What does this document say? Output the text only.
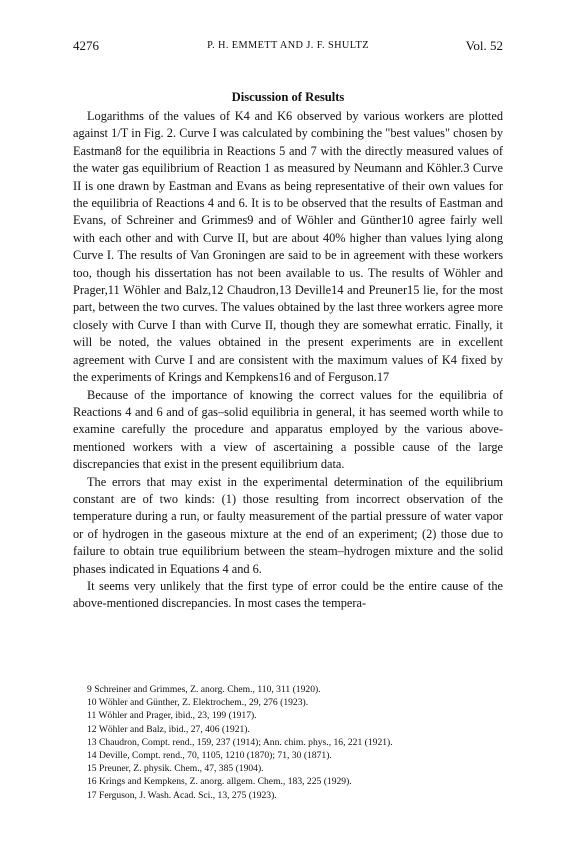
4276	P. H. EMMETT AND J. F. SHULTZ	Vol. 52
Discussion of Results

Logarithms of the values of K4 and K6 observed by various workers are plotted against 1/T in Fig. 2. Curve I was calculated by combining the "best values" chosen by Eastman8 for the equilibria in Reactions 5 and 7 with the directly measured values of the water gas equilibrium of Reaction 1 as measured by Neumann and Köhler.3 Curve II is one drawn by Eastman and Evans as being representative of their own values for the equilibria of Reactions 4 and 6. It is to be observed that the results of Eastman and Evans, of Schreiner and Grimmes9 and of Wöhler and Günther10 agree fairly well with each other and with Curve II, but are about 40% higher than values lying along Curve I. The results of Van Groningen are said to be in agreement with these workers too, though his dissertation has not been available to us. The results of Wöhler and Prager,11 Wöhler and Balz,12 Chaudron,13 Deville14 and Preuner15 lie, for the most part, between the two curves. The values obtained by the last three workers agree more closely with Curve I than with Curve II, though they are somewhat erratic. Finally, it will be noted, the values obtained in the present experiments are in excellent agreement with Curve I and are consistent with the maximum values of K4 fixed by the experiments of Krings and Kempkens16 and of Ferguson.17

Because of the importance of knowing the correct values for the equilibria of Reactions 4 and 6 and of gas–solid equilibria in general, it has seemed worth while to examine carefully the procedure and apparatus employed by the various above-mentioned workers with a view of ascertaining a possible cause of the large discrepancies that exist in the present equilibrium data.

The errors that may exist in the experimental determination of the equilibrium constant are of two kinds: (1) those resulting from incorrect observation of the temperature during a run, or faulty measurement of the partial pressure of water vapor or of hydrogen in the gaseous mixture at the end of an experiment; (2) those due to failure to obtain true equilibrium between the steam–hydrogen mixture and the solid phases indicated in Equations 4 and 6.

It seems very unlikely that the first type of error could be the entire cause of the above-mentioned discrepancies. In most cases the tempera-

9 Schreiner and Grimmes, Z. anorg. Chem., 110, 311 (1920).
10 Wöhler and Günther, Z. Elektrochem., 29, 276 (1923).
11 Wöhler and Prager, ibid., 23, 199 (1917).
12 Wöhler and Balz, ibid., 27, 406 (1921).
13 Chaudron, Compt. rend., 159, 237 (1914); Ann. chim. phys., 16, 221 (1921).
14 Deville, Compt. rend., 70, 1105, 1210 (1870); 71, 30 (1871).
15 Preuner, Z. physik. Chem., 47, 385 (1904).
16 Krings and Kempkens, Z. anorg. allgem. Chem., 183, 225 (1929).
17 Ferguson, J. Wash. Acad. Sci., 13, 275 (1923).
